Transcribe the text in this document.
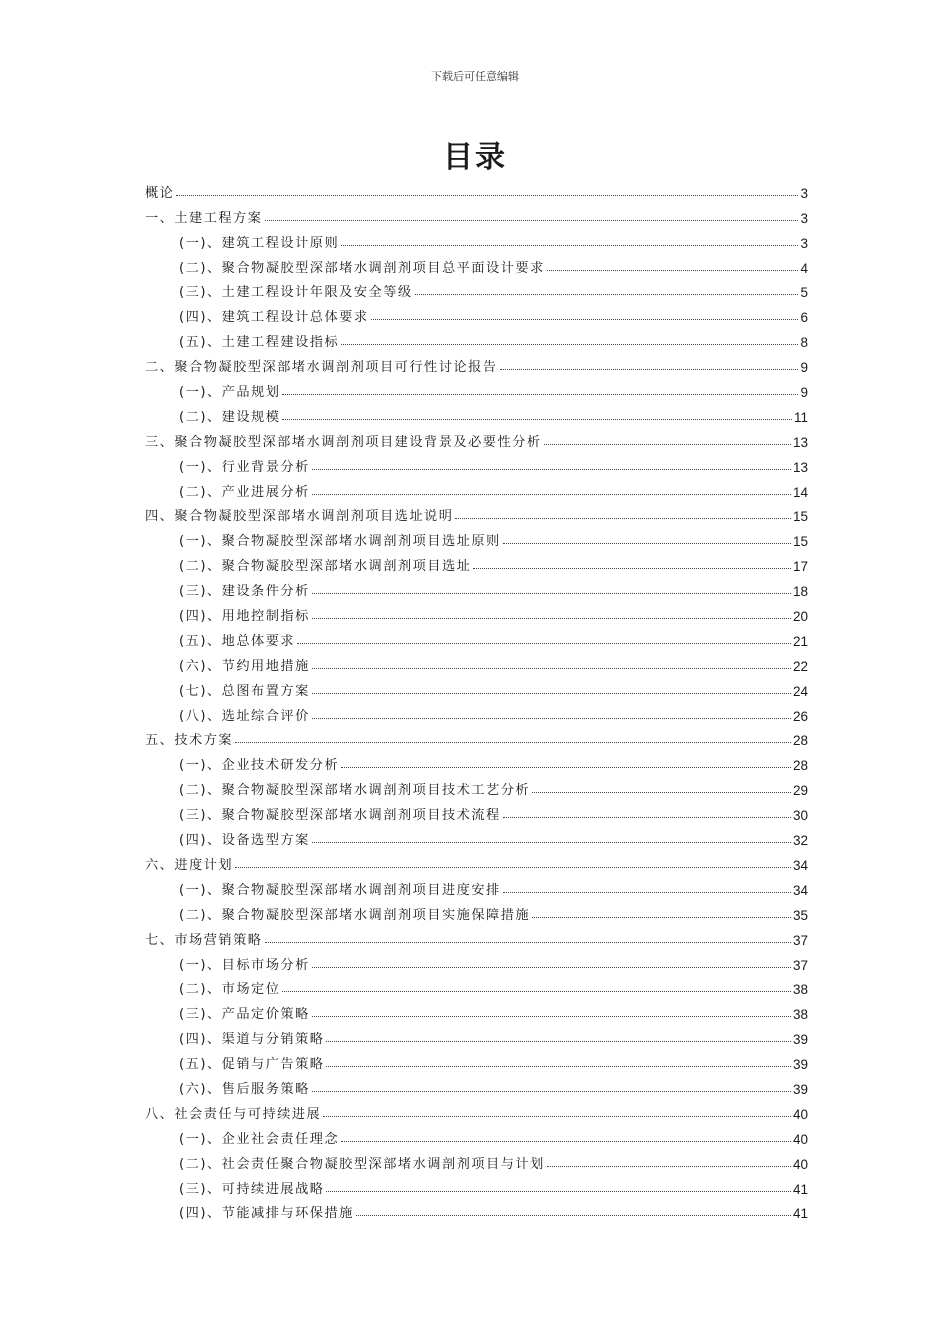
下载后可任意编辑
目录
概论	3
一、土建工程方案	3
(一)、建筑工程设计原则	3
(二)、聚合物凝胶型深部堵水调剖剂项目总平面设计要求	4
(三)、土建工程设计年限及安全等级	5
(四)、建筑工程设计总体要求	6
(五)、土建工程建设指标	8
二、聚合物凝胶型深部堵水调剖剂项目可行性讨论报告	9
(一)、产品规划	9
(二)、建设规模	11
三、聚合物凝胶型深部堵水调剖剂项目建设背景及必要性分析	13
(一)、行业背景分析	13
(二)、产业进展分析	14
四、聚合物凝胶型深部堵水调剖剂项目选址说明	15
(一)、聚合物凝胶型深部堵水调剖剂项目选址原则	15
(二)、聚合物凝胶型深部堵水调剖剂项目选址	17
(三)、建设条件分析	18
(四)、用地控制指标	20
(五)、地总体要求	21
(六)、节约用地措施	22
(七)、总图布置方案	24
(八)、选址综合评价	26
五、技术方案	28
(一)、企业技术研发分析	28
(二)、聚合物凝胶型深部堵水调剖剂项目技术工艺分析	29
(三)、聚合物凝胶型深部堵水调剖剂项目技术流程	30
(四)、设备选型方案	32
六、进度计划	34
(一)、聚合物凝胶型深部堵水调剖剂项目进度安排	34
(二)、聚合物凝胶型深部堵水调剖剂项目实施保障措施	35
七、市场营销策略	37
(一)、目标市场分析	37
(二)、市场定位	38
(三)、产品定价策略	38
(四)、渠道与分销策略	39
(五)、促销与广告策略	39
(六)、售后服务策略	39
八、社会责任与可持续进展	40
(一)、企业社会责任理念	40
(二)、社会责任聚合物凝胶型深部堵水调剖剂项目与计划	40
(三)、可持续进展战略	41
(四)、节能减排与环保措施	41
